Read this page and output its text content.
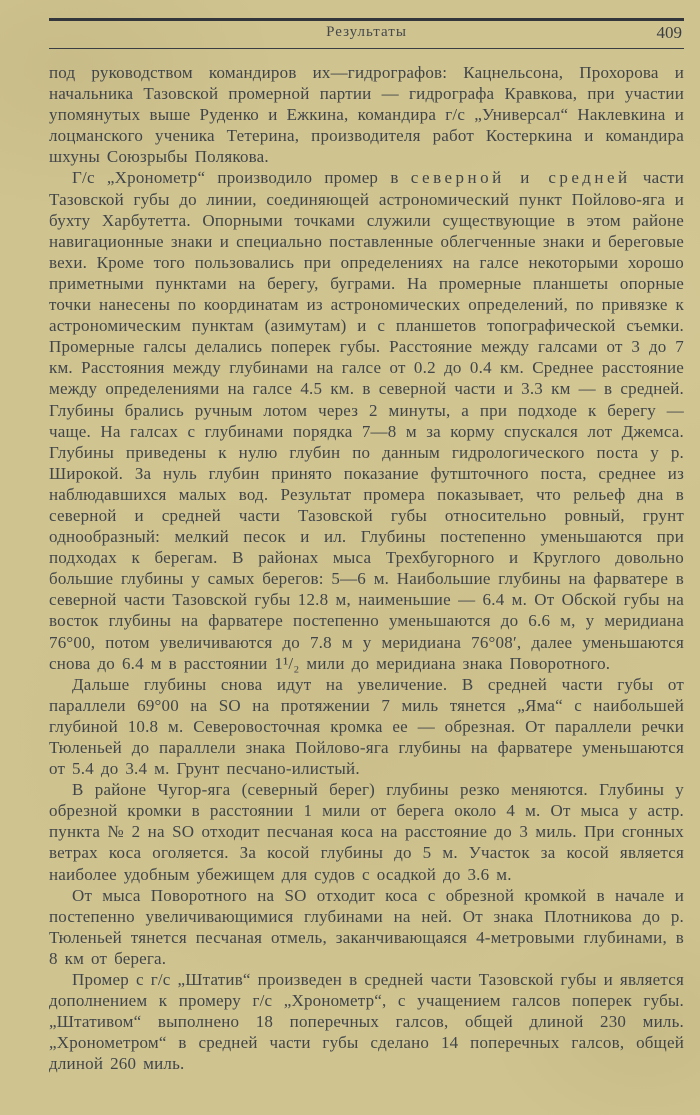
Результаты	409

под руководством командиров их—гидрографов: Кацнельсона, Прохорова и начальника Тазовской промерной партии — гидрографа Кравкова, при участии упомянутых выше Руденко и Ежкина, командира г/с „Универсал“ Наклевкина и лоцманского ученика Тетерина, производителя работ Костеркина и командира шхуны Союзрыбы Полякова.

Г/с „Хронометр“ производило промер в северной и средней части Тазовской губы до линии, соединяющей астрономический пункт Пойлово-яга и бухту Харбутетта. Опорными точками служили существующие в этом районе навигационные знаки и специально поставленные облегченные знаки и береговые вехи. Кроме того пользовались при определениях на галсе некоторыми хорошо приметными пунктами на берегу, буграми. На промерные планшеты опорные точки нанесены по координатам из астрономических определений, по привязке к астрономическим пунктам (азимутам) и с планшетов топографической съемки. Промерные галсы делались поперек губы. Расстояние между галсами от 3 до 7 км. Расстояния между глубинами на галсе от 0.2 до 0.4 км. Среднее расстояние между определениями на галсе 4.5 км. в северной части и 3.3 км — в средней. Глубины брались ручным лотом через 2 минуты, а при подходе к берегу — чаще. На галсах с глубинами порядка 7—8 м за корму спускался лот Джемса. Глубины приведены к нулю глубин по данным гидрологического поста у р. Широкой. За нуль глубин принято показание футшточного поста, среднее из наблюдавшихся малых вод. Результат промера показывает, что рельеф дна в северной и средней части Тазовской губы относительно ровный, грунт однообразный: мелкий песок и ил. Глубины постепенно уменьшаются при подходах к берегам. В районах мыса Трехбугорного и Круглого довольно большие глубины у самых берегов: 5—6 м. Наибольшие глубины на фарватере в северной части Тазовской губы 12.8 м, наименьшие — 6.4 м. От Обской губы на восток глубины на фарватере постепенно уменьшаются до 6.6 м, у меридиана 76°00, потом увеличиваются до 7.8 м у меридиана 76°08′, далее уменьшаются снова до 6.4 м в расстоянии 1¹/₂ мили до меридиана знака Поворотного.

Дальше глубины снова идут на увеличение. В средней части губы от параллели 69°00 на SO на протяжении 7 миль тянется „Яма“ с наибольшей глубиной 10.8 м. Северовосточная кромка ее — обрезная. От параллели речки Тюленьей до параллели знака Пойлово-яга глубины на фарватере уменьшаются от 5.4 до 3.4 м. Грунт песчано-илистый.

В районе Чугор-яга (северный берег) глубины резко меняются. Глубины у обрезной кромки в расстоянии 1 мили от берега около 4 м. От мыса у астр. пункта № 2 на SO отходит песчаная коса на расстояние до 3 миль. При сгонных ветрах коса оголяется. За косой глубины до 5 м. Участок за косой является наиболее удобным убежищем для судов с осадкой до 3.6 м.

От мыса Поворотного на SO отходит коса с обрезной кромкой в начале и постепенно увеличивающимися глубинами на ней. От знака Плотникова до р. Тюленьей тянется песчаная отмель, заканчивающаяся 4-метровыми глубинами, в 8 км от берега.

Промер с г/с „Штатив“ произведен в средней части Тазовской губы и является дополнением к промеру г/с „Хронометр“, с учащением галсов поперек губы. „Штативом“ выполнено 18 поперечных галсов, общей длиной 230 миль. „Хронометром“ в средней части губы сделано 14 поперечных галсов, общей длиной 260 миль.
